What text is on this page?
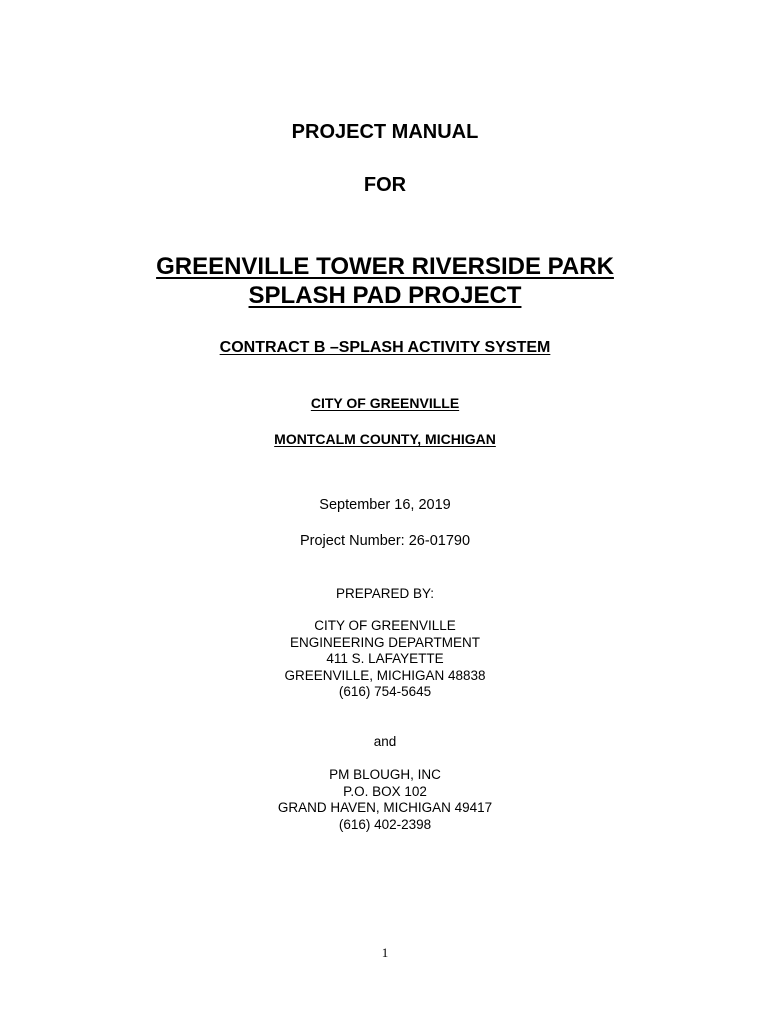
PROJECT MANUAL

FOR

GREENVILLE TOWER RIVERSIDE PARK

SPLASH PAD PROJECT

CONTRACT B –SPLASH ACTIVITY SYSTEM

CITY OF GREENVILLE

MONTCALM COUNTY, MICHIGAN

September 16, 2019

Project Number: 26-01790

PREPARED BY:

CITY OF GREENVILLE
ENGINEERING DEPARTMENT
411 S. LAFAYETTE
GREENVILLE, MICHIGAN 48838
(616) 754-5645

and

PM BLOUGH, INC
P.O. BOX 102
GRAND HAVEN, MICHIGAN 49417
(616) 402-2398

1
